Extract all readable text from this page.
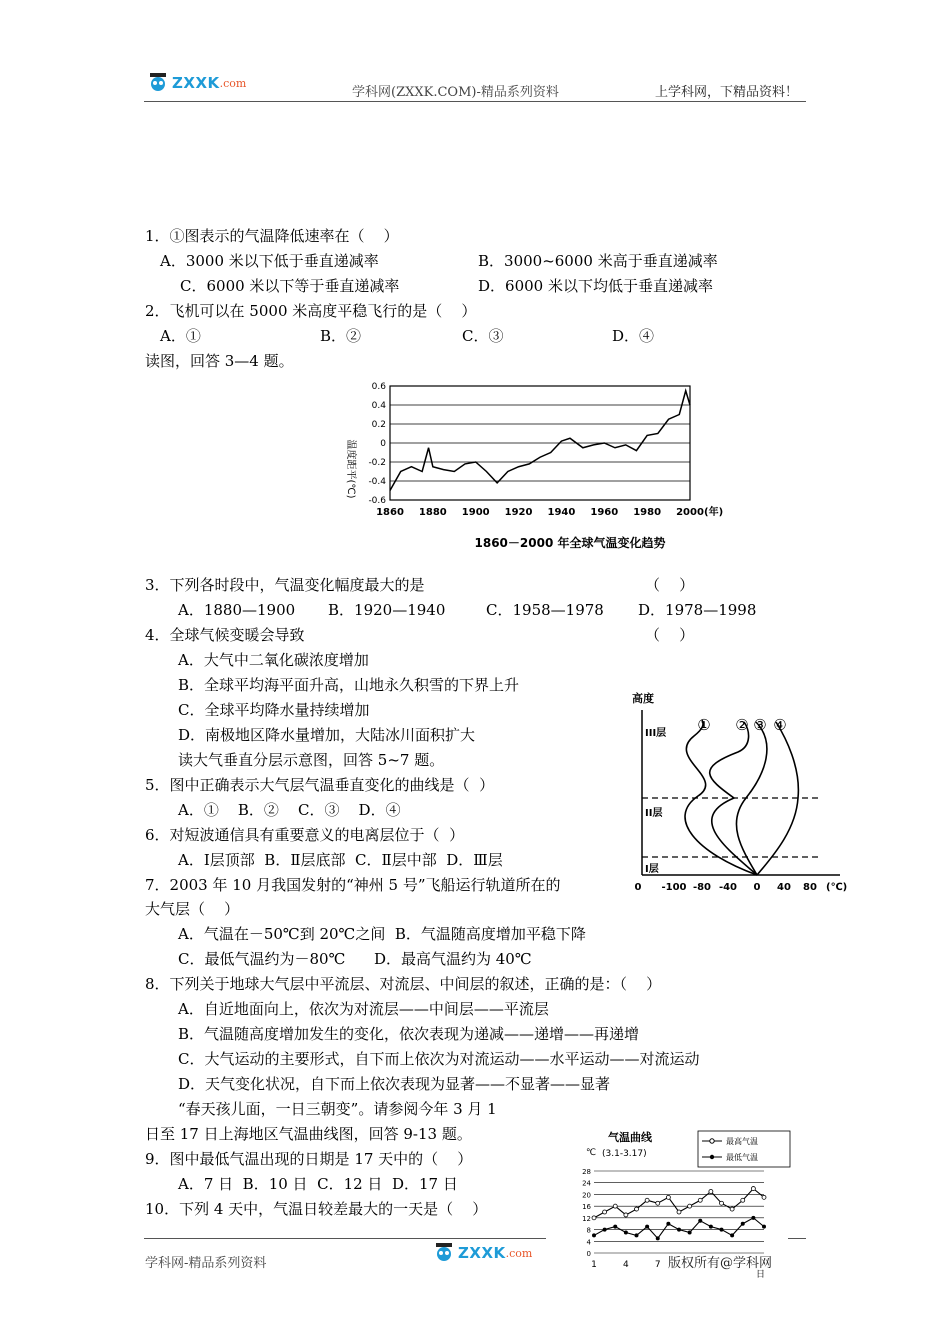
ZXXK .com
学科网(ZXXK.COM)-精品系列资料	上学科网，下精品资料！
1．①图表示的气温降低速率在（    ）
A．3000 米以下低于垂直递减率	B．3000~6000 米高于垂直递减率
C．6000 米以下等于垂直递减率	D．6000 米以下均低于垂直递减率
2．飞机可以在 5000 米高度平稳飞行的是（    ）
A．①	B．②	C．③	D．④
读图，回答 3—4 题。
温度距平(℃)
0.6
0.4
0.2
0
-0.2
-0.4
-0.6
1860 1880 1900 1920 1940 1960 1980 2000 (年)
1860－2000 年全球气温变化趋势
3．下列各时段中，气温变化幅度最大的是	（    ）
A．1880—1900 B．1920—1940	C．1958—1978 D．1978—1998
4．全球气候变暖会导致	（    ）
A．大气中二氧化碳浓度增加
B．全球平均海平面升高，山地永久积雪的下界上升
C．全球平均降水量持续增加
D．南极地区降水量增加，大陆冰川面积扩大
读大气垂直分层示意图，回答 5~7 题。
5．图中正确表示大气层气温垂直变化的曲线是（  ）
A．①    B．②    C．③    D．④
6．对短波通信具有重要意义的电离层位于（  ）
A．Ⅰ层顶部  B．Ⅱ层底部  C．Ⅱ层中部  D．Ⅲ层
7．2003 年 10 月我国发射的“神州 5 号”飞船运行轨道所在的
大气层（    ）
A．气温在－50℃到 20℃之间  B．气温随高度增加平稳下降
C．最低气温约为－80℃      D．最高气温约为 40℃
8．下列关于地球大气层中平流层、对流层、中间层的叙述，正确的是：（    ）
A．自近地面向上，依次为对流层——中间层——平流层
B．气温随高度增加发生的变化，依次表现为递减——递增——再递增
C．大气运动的主要形式，自下而上依次为对流运动——水平运动——对流运动
D．天气变化状况，自下而上依次表现为显著——不显著——显著
“春天孩儿面，一日三朝变”。请参阅今年 3 月 1
日至 17 日上海地区气温曲线图，回答 9-13 题。
9．图中最低气温出现的日期是 17 天中的（    ）
A．7 日  B．10 日  C．12 日  D．17 日
10．下列 4 天中，气温日较差最大的一天是（    ）
高度
III层
II层
I层
① ② ③ ④
0 -100 -80 -40 0 40 80 (℃)
气温曲线
(3.1-3.17)
最高气温
最低气温
℃
28
24
20
16
12
8
4
0
1	4	7
日
学科网-精品系列资料
ZXXK .com
版权所有@学科网
